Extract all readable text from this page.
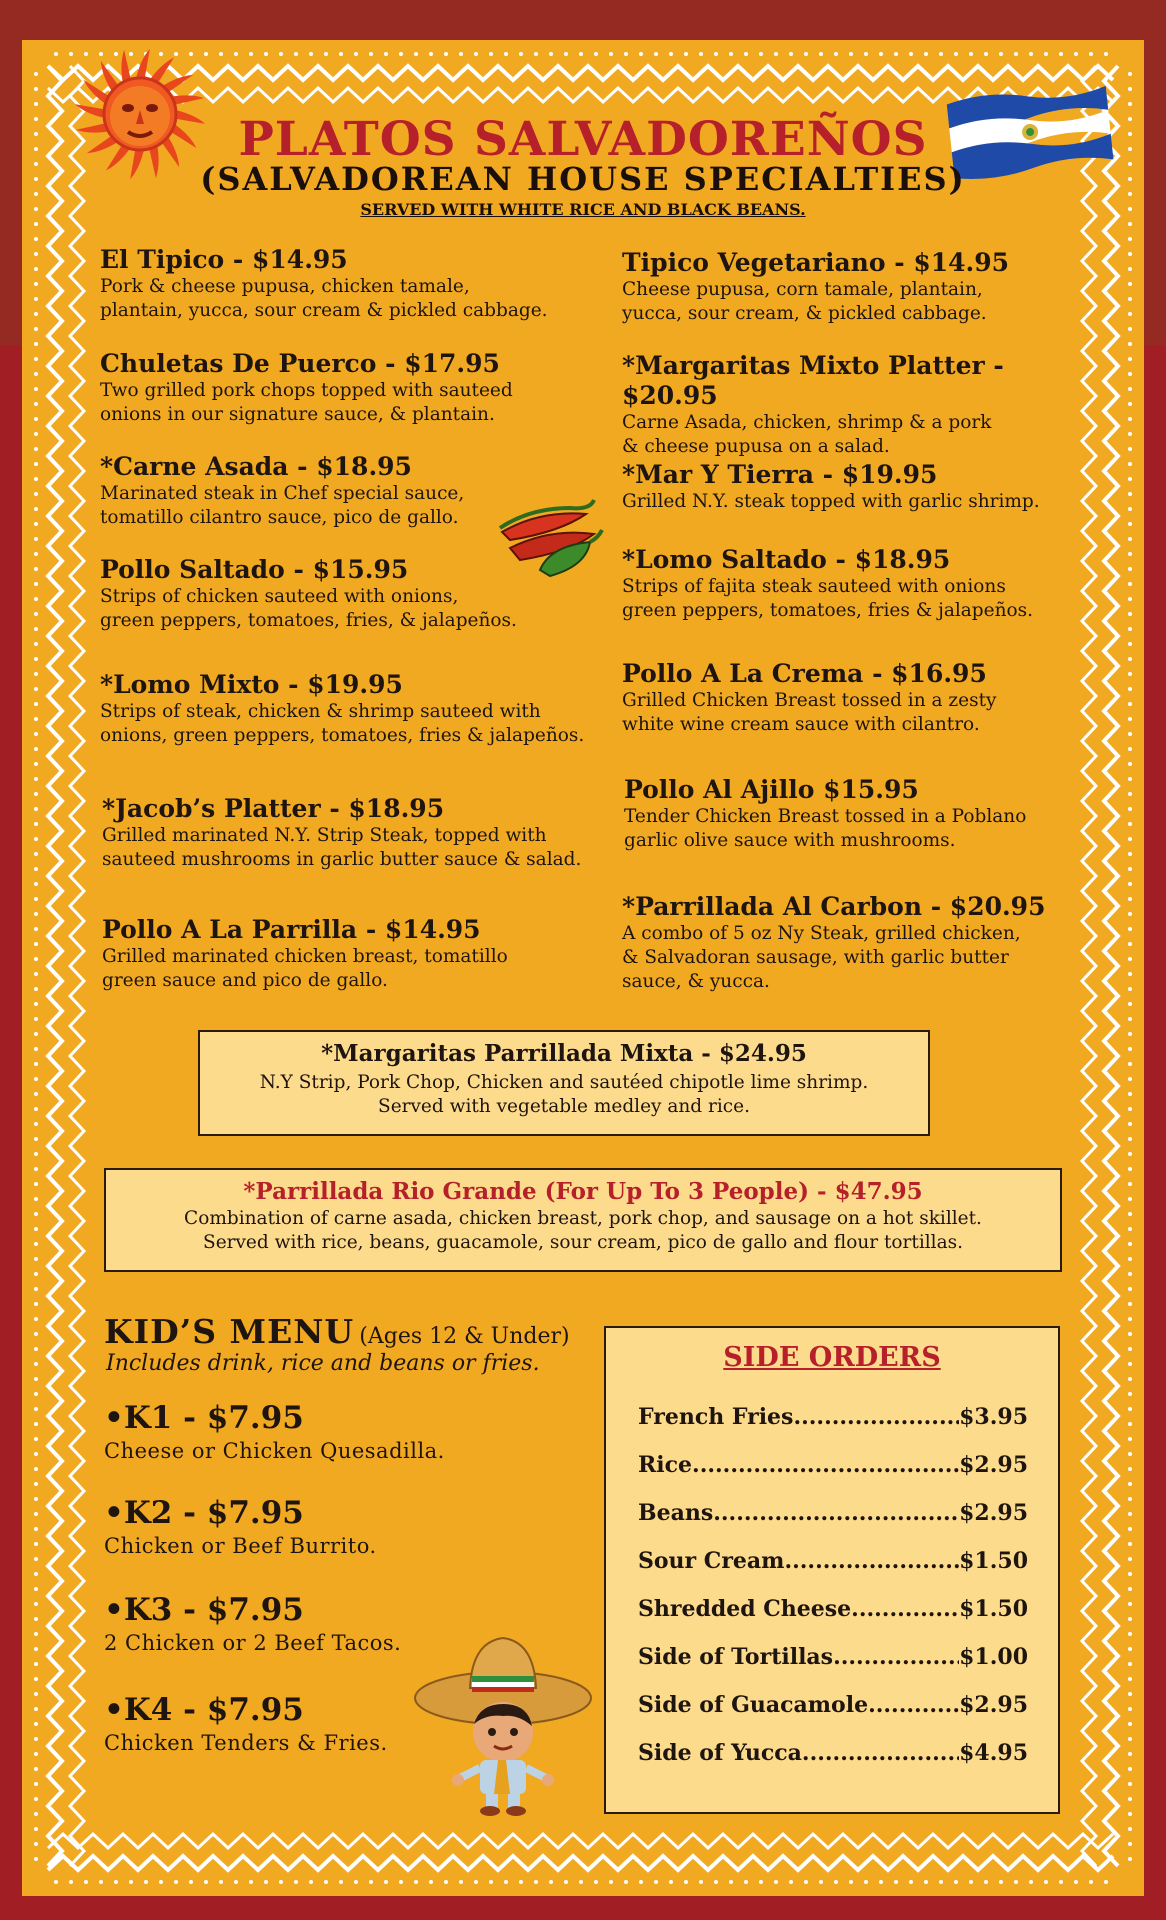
PLATOS SALVADOREÑOS
(SALVADOREAN HOUSE SPECIALTIES)
SERVED WITH WHITE RICE AND BLACK BEANS.
El Tipico - $14.95
Pork & cheese pupusa, chicken tamale,
plantain, yucca, sour cream & pickled cabbage.
Chuletas De Puerco - $17.95
Two grilled pork chops topped with sauteed
onions in our signature sauce, & plantain.
*Carne Asada - $18.95
Marinated steak in Chef special sauce,
tomatillo cilantro sauce, pico de gallo.
Pollo Saltado - $15.95
Strips of chicken sauteed with onions,
green peppers, tomatoes, fries, & jalapeños.
*Lomo Mixto - $19.95
Strips of steak, chicken & shrimp sauteed with
onions, green peppers, tomatoes, fries & jalapeños.
*Jacob’s Platter - $18.95
Grilled marinated N.Y. Strip Steak, topped with
sauteed mushrooms in garlic butter sauce & salad.
Pollo A La Parrilla - $14.95
Grilled marinated chicken breast, tomatillo
green sauce and pico de gallo.
Tipico Vegetariano - $14.95
Cheese pupusa, corn tamale, plantain,
yucca, sour cream, & pickled cabbage.
*Margaritas Mixto Platter - $20.95
Carne Asada, chicken, shrimp & a pork
& cheese pupusa on a salad.
*Mar Y Tierra - $19.95
Grilled N.Y. steak topped with garlic shrimp.
*Lomo Saltado - $18.95
Strips of fajita steak sauteed with onions
green peppers, tomatoes, fries & jalapeños.
Pollo A La Crema - $16.95
Grilled Chicken Breast tossed in a zesty
white wine cream sauce with cilantro.
Pollo Al Ajillo $15.95
Tender Chicken Breast tossed in a Poblano
garlic olive sauce with mushrooms.
*Parrillada Al Carbon - $20.95
A combo of 5 oz Ny Steak, grilled chicken,
& Salvadoran sausage, with garlic butter
sauce, & yucca.
*Margaritas Parrillada Mixta - $24.95
N.Y Strip, Pork Chop, Chicken and sautéed chipotle lime shrimp.
Served with vegetable medley and rice.
*Parrillada Rio Grande (For Up To 3 People) - $47.95
Combination of carne asada, chicken breast, pork chop, and sausage on a hot skillet.
Served with rice, beans, guacamole, sour cream, pico de gallo and flour tortillas.
KID’S MENU (Ages 12 & Under)
Includes drink, rice and beans or fries.
•K1 - $7.95
Cheese or Chicken Quesadilla.
•K2 - $7.95
Chicken or Beef Burrito.
•K3 - $7.95
2 Chicken or 2 Beef Tacos.
•K4 - $7.95
Chicken Tenders & Fries.
SIDE ORDERS
French Fries .....	$3.95
Rice .....	$2.95
Beans .....	$2.95
Sour Cream .....	$1.50
Shredded Cheese .....	$1.50
Side of Tortillas .....	$1.00
Side of Guacamole .....	$2.95
Side of Yucca .....	$4.95
